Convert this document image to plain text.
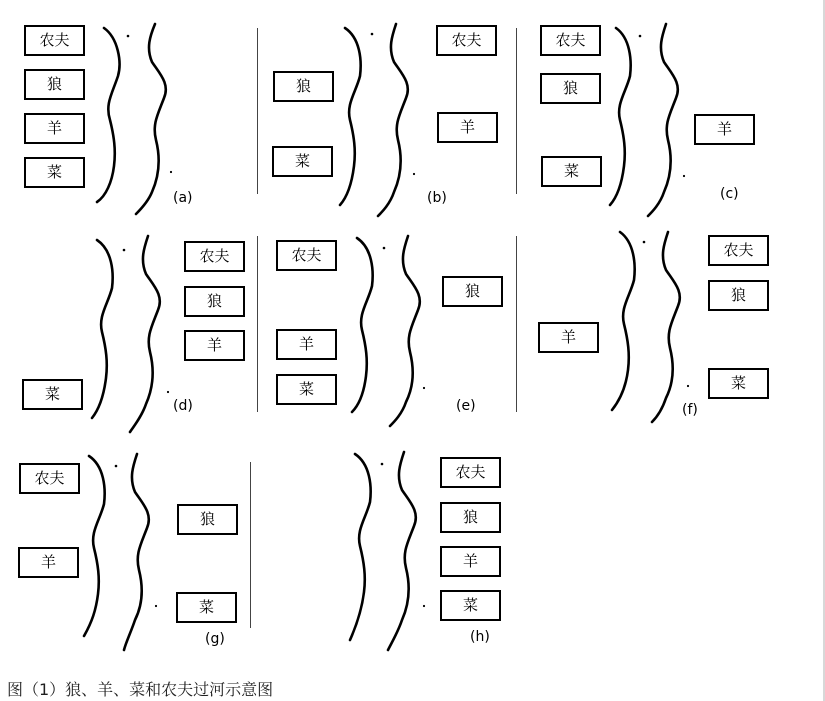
农夫
狼
羊
菜
(a)
狼
菜
农夫
羊
(b)
农夫
狼
菜
羊
(c)
菜
农夫
狼
羊
(d)
农夫
羊
菜
狼
(e)
羊
农夫
狼
菜
(f)
农夫
羊
狼
菜
(g)
农夫
狼
羊
菜
(h)
图（1）狼、羊、菜和农夫过河示意图
